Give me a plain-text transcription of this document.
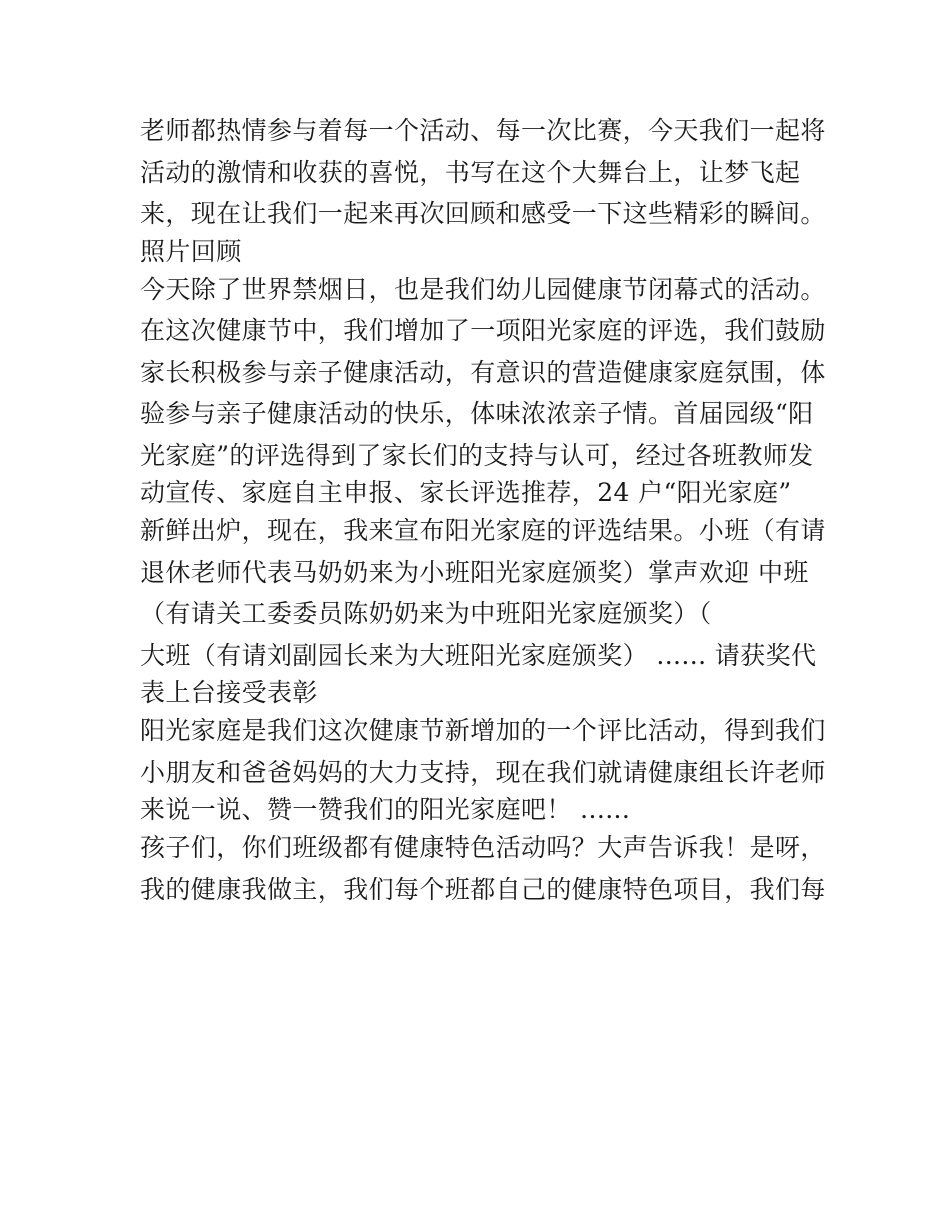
老师都热情参与着每一个活动、每一次比赛，今天我们一起将
活动的激情和收获的喜悦，书写在这个大舞台上，让梦飞起
来，现在让我们一起来再次回顾和感受一下这些精彩的瞬间。
照片回顾
今天除了世界禁烟日，也是我们幼儿园健康节闭幕式的活动。
在这次健康节中，我们增加了一项阳光家庭的评选，我们鼓励
家长积极参与亲子健康活动，有意识的营造健康家庭氛围，体
验参与亲子健康活动的快乐，体味浓浓亲子情。首届园级“阳
光家庭”的评选得到了家长们的支持与认可，经过各班教师发
动宣传、家庭自主申报、家长评选推荐，24 户“阳光家庭”
新鲜出炉，现在，我来宣布阳光家庭的评选结果。小班（有请
退休老师代表马奶奶来为小班阳光家庭颁奖）掌声欢迎 中班
（有请关工委委员陈奶奶来为中班阳光家庭颁奖）（
大班（有请刘副园长来为大班阳光家庭颁奖） ...... 请获奖代
表上台接受表彰
阳光家庭是我们这次健康节新增加的一个评比活动，得到我们
小朋友和爸爸妈妈的大力支持，现在我们就请健康组长许老师
来说一说、赞一赞我们的阳光家庭吧！ ......
孩子们，你们班级都有健康特色活动吗？大声告诉我！是呀，
我的健康我做主，我们每个班都自己的健康特色项目，我们每
